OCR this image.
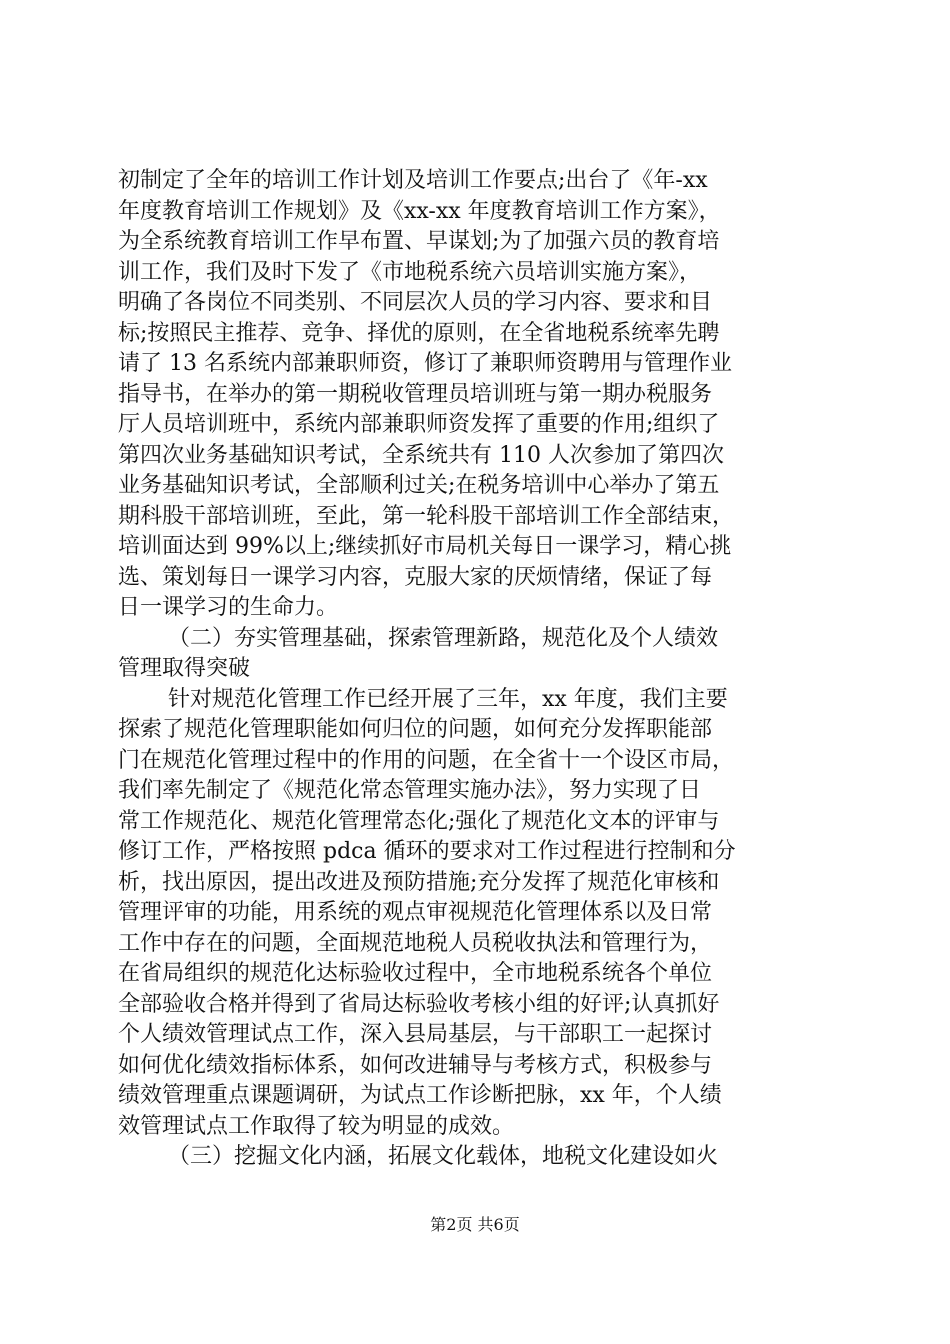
初制定了全年的培训工作计划及培训工作要点;出台了《年-xx
年度教育培训工作规划》及《xx-xx 年度教育培训工作方案》，
为全系统教育培训工作早布置、早谋划;为了加强六员的教育培
训工作，我们及时下发了《市地税系统六员培训实施方案》，
明确了各岗位不同类别、不同层次人员的学习内容、要求和目
标;按照民主推荐、竞争、择优的原则，在全省地税系统率先聘
请了 13 名系统内部兼职师资，修订了兼职师资聘用与管理作业
指导书，在举办的第一期税收管理员培训班与第一期办税服务
厅人员培训班中，系统内部兼职师资发挥了重要的作用;组织了
第四次业务基础知识考试，全系统共有 110 人次参加了第四次
业务基础知识考试，全部顺利过关;在税务培训中心举办了第五
期科股干部培训班，至此，第一轮科股干部培训工作全部结束，
培训面达到 99%以上;继续抓好市局机关每日一课学习，精心挑
选、策划每日一课学习内容，克服大家的厌烦情绪，保证了每
日一课学习的生命力。
（二）夯实管理基础，探索管理新路，规范化及个人绩效
管理取得突破
针对规范化管理工作已经开展了三年，xx 年度，我们主要
探索了规范化管理职能如何归位的问题，如何充分发挥职能部
门在规范化管理过程中的作用的问题，在全省十一个设区市局，
我们率先制定了《规范化常态管理实施办法》，努力实现了日
常工作规范化、规范化管理常态化;强化了规范化文本的评审与
修订工作，严格按照 pdca 循环的要求对工作过程进行控制和分
析，找出原因，提出改进及预防措施;充分发挥了规范化审核和
管理评审的功能，用系统的观点审视规范化管理体系以及日常
工作中存在的问题，全面规范地税人员税收执法和管理行为，
在省局组织的规范化达标验收过程中，全市地税系统各个单位
全部验收合格并得到了省局达标验收考核小组的好评;认真抓好
个人绩效管理试点工作，深入县局基层，与干部职工一起探讨
如何优化绩效指标体系，如何改进辅导与考核方式，积极参与
绩效管理重点课题调研，为试点工作诊断把脉，xx 年，个人绩
效管理试点工作取得了较为明显的成效。
（三）挖掘文化内涵，拓展文化载体，地税文化建设如火
第2页 共6页
